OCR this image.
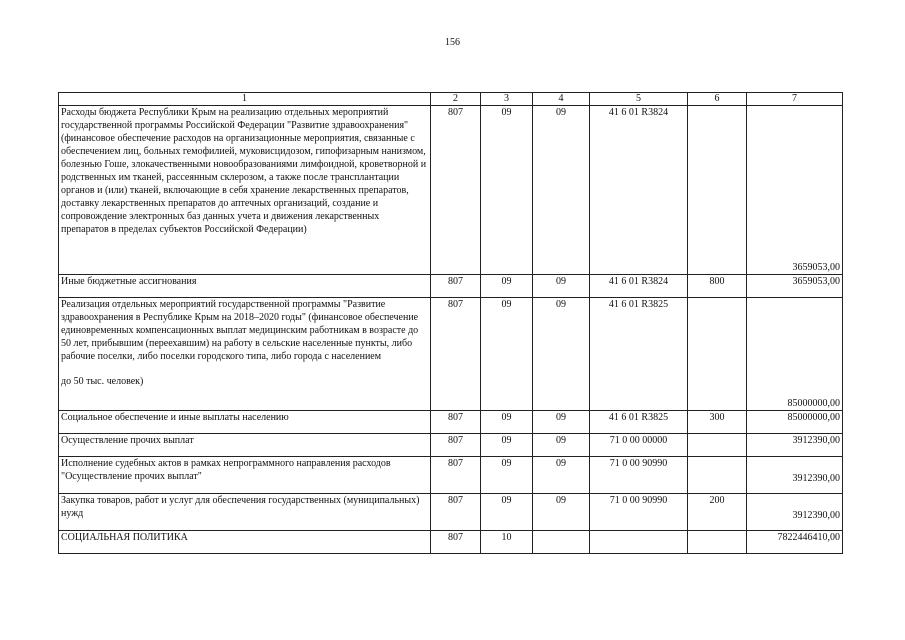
156
1	2	3	4	5	6	7
Расходы бюджета Республики Крым на реализацию отдельных мероприятий государственной программы Российской Федерации "Развитие здравоохранения" (финансовое обеспечение расходов на организационные мероприятия, связанные с обеспечением лиц, больных гемофилией, муковисцидозом, гипофизарным нанизмом, болезнью Гоше, злокачественными новообразованиями лимфоидной, кроветворной и родственных им тканей, рассеянным склерозом, а также после трансплантации органов и (или) тканей, включающие в себя хранение лекарственных препаратов, доставку лекарственных препаратов до аптечных организаций, создание и сопровождение электронных баз данных учета и движения лекарственных препаратов в пределах субъектов Российской Федерации)	807	09	09	41 6 01 R3824		3659053,00
Иные бюджетные ассигнования	807	09	09	41 6 01 R3824	800	3659053,00

Реализация отдельных мероприятий государственной программы "Развитие здравоохранения в Республике Крым на 2018–2020 годы" (финансовое обеспечение единовременных компенсационных выплат медицинским работникам в возрасте до 50 лет, прибывшим (переехавшим) на работу в сельские населенные пункты, либо рабочие поселки, либо поселки городского типа, либо города с населением
до 50 тыс. человек)	807	09	09	41 6 01 R3825		85000000,00
Социальное обеспечение и иные выплаты населению	807	09	09	41 6 01 R3825	300	85000000,00
Осуществление прочих выплат	807	09	09	71 0 00 00000		3912390,00
Исполнение судебных актов в рамках непрограммного направления расходов "Осуществление прочих выплат"	807	09	09	71 0 00 90990		3912390,00
Закупка товаров, работ и услуг для обеспечения государственных (муниципальных) нужд	807	09	09	71 0 00 90990	200	3912390,00
СОЦИАЛЬНАЯ ПОЛИТИКА	807	10				7822446410,00
